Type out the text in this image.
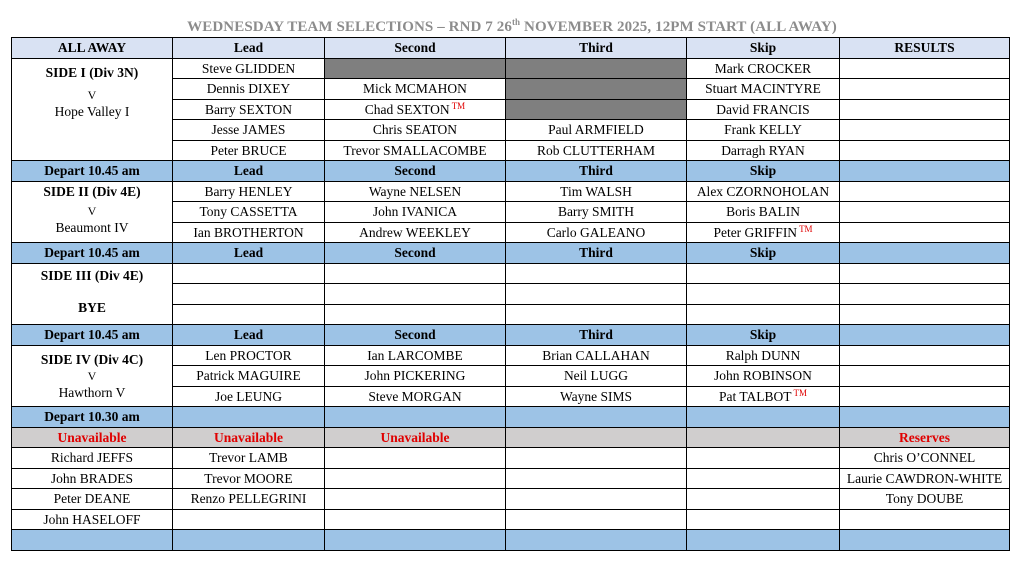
WEDNESDAY TEAM SELECTIONS – RND 7 26th NOVEMBER 2025, 12PM START (ALL AWAY)
ALL AWAY	Lead	Second	Third	Skip	RESULTS

SIDE I (Div 3N)
V
Hope Valley I	Steve GLIDDEN			Mark CROCKER	
	Dennis DIXEY	Mick MCMAHON		Stuart MACINTYRE	
	Barry SEXTON	Chad SEXTON ™		David FRANCIS	
	Jesse JAMES	Chris SEATON	Paul ARMFIELD	Frank KELLY	
	Peter BRUCE	Trevor SMALLACOMBE	Rob CLUTTERHAM	Darragh RYAN	
Depart 10.45 am	Lead	Second	Third	Skip	

SIDE II (Div 4E)
V
Beaumont IV	Barry HENLEY	Wayne NELSEN	Tim WALSH	Alex CZORNOHOLAN	
	Tony CASSETTA	John IVANICA	Barry SMITH	Boris BALIN	
	Ian BROTHERTON	Andrew WEEKLEY	Carlo GALEANO	Peter GRIFFIN ™	
Depart 10.45 am	Lead	Second	Third	Skip	

SIDE III (Div 4E)
BYE					

Depart 10.45 am	Lead	Second	Third	Skip	

SIDE IV (Div 4C)
V
Hawthorn V	Len PROCTOR	Ian LARCOMBE	Brian CALLAHAN	Ralph DUNN	
	Patrick MAGUIRE	John PICKERING	Neil LUGG	John ROBINSON	
	Joe LEUNG	Steve MORGAN	Wayne SIMS	Pat TALBOT ™	
Depart 10.30 am					
Unavailable	Unavailable	Unavailable			Reserves
Richard JEFFS	Trevor LAMB				Chris O’CONNEL
John BRADES	Trevor MOORE				Laurie CAWDRON-WHITE
Peter DEANE	Renzo PELLEGRINI				Tony DOUBE
John HASELOFF					
